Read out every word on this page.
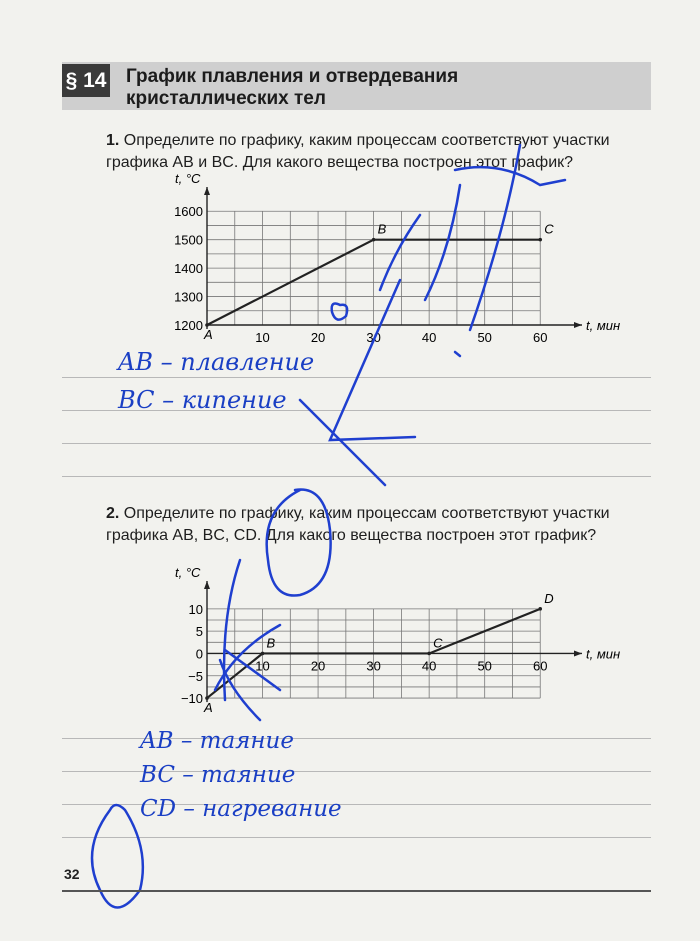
§ 14 График плавления и отвердевания
кристаллических тел
1. Определите по графику, каким процессам соответствуют участки графика AB и BC. Для какого вещества построен этот график?
t, °C
t, мин
1200
1300
1400
1500
1600
10	20	30	40	50	60
A
B	C
AB – плавление
BC – кипение
2. Определите по графику, каким процессам соответствуют участки графика AB, BC, CD. Для какого вещества построен этот график?
t, °C
t, мин
−10
−5
0
5
10
10	20	30	40	50	60
A
B	C
D
AB – таяние
BC – таяние
CD – нагревание
32
